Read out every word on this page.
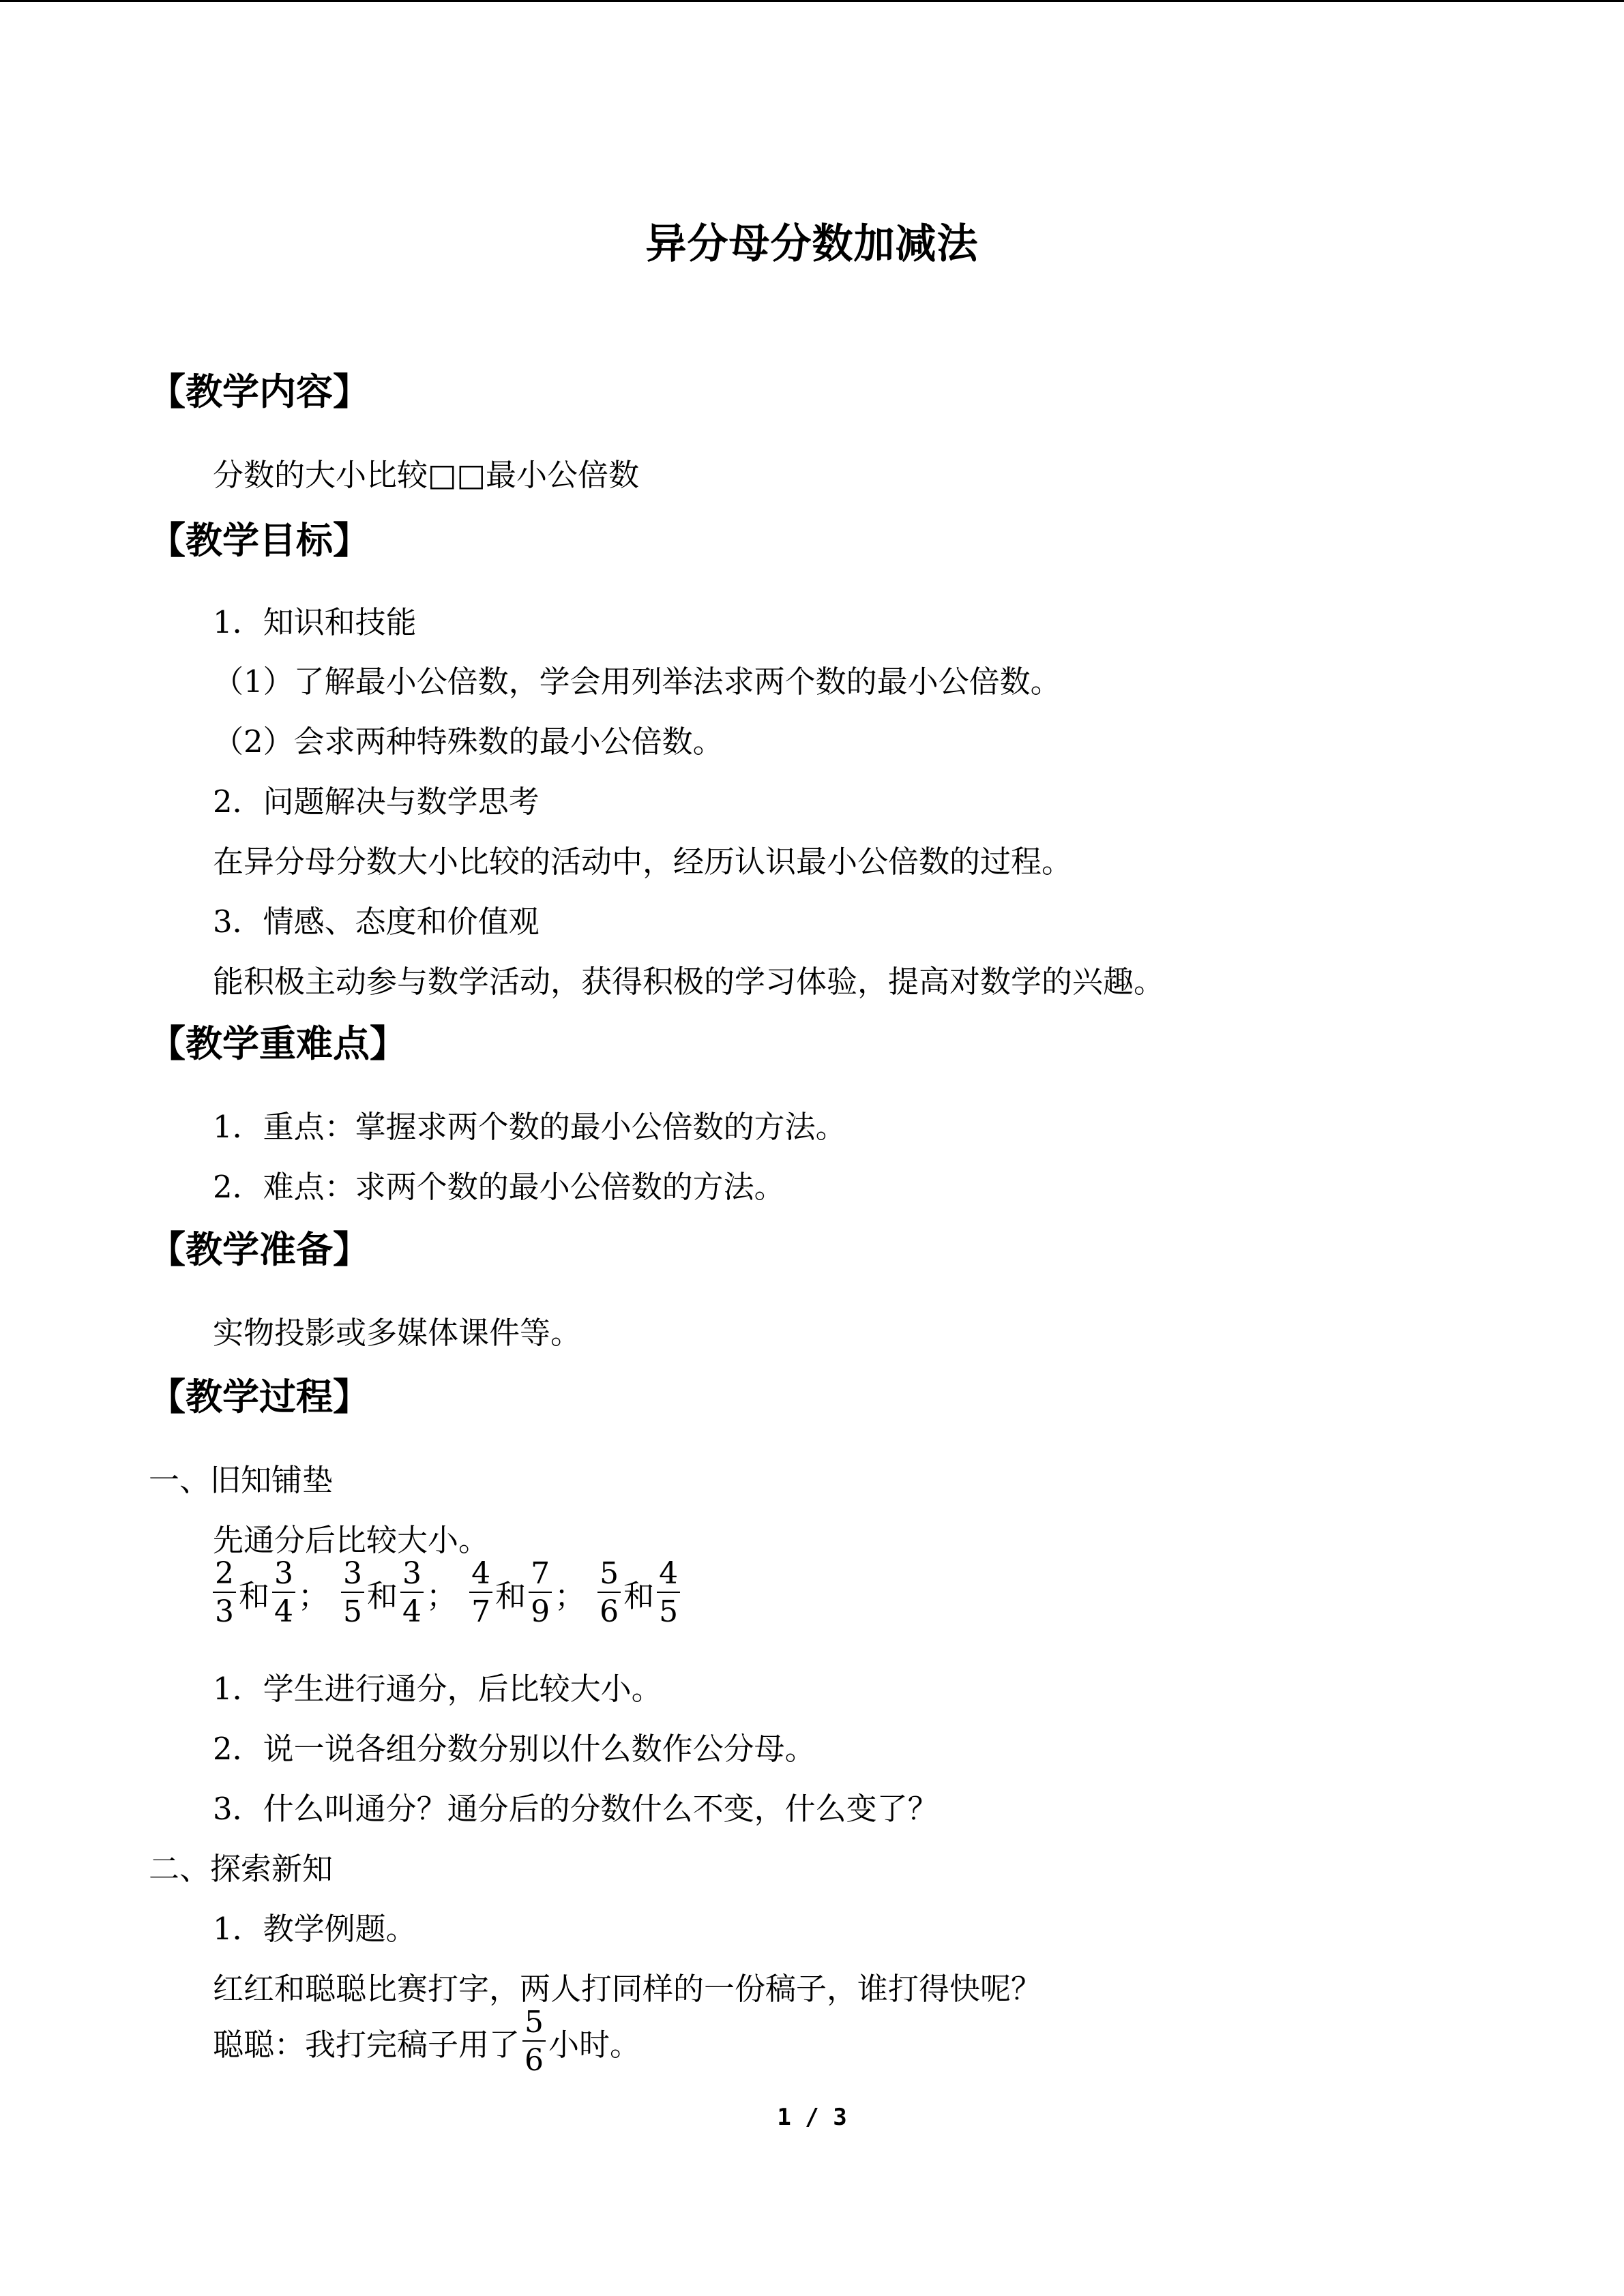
异分母分数加减法
【教学内容】
分数的大小比较□□最小公倍数
【教学目标】
1．知识和技能
（1）了解最小公倍数，学会用列举法求两个数的最小公倍数。
（2）会求两种特殊数的最小公倍数。
2．问题解决与数学思考
在异分母分数大小比较的活动中，经历认识最小公倍数的过程。
3．情感、态度和价值观
能积极主动参与数学活动，获得积极的学习体验，提高对数学的兴趣。
【教学重难点】
1．重点：掌握求两个数的最小公倍数的方法。
2．难点：求两个数的最小公倍数的方法。
【教学准备】
实物投影或多媒体课件等。
【教学过程】
一、旧知铺垫
先通分后比较大小。
$\frac{2}{3}$ 和 $\frac{3}{4}$ ； $\frac{3}{5}$ 和 $\frac{3}{4}$ ； $\frac{4}{7}$ 和 $\frac{7}{9}$ ； $\frac{5}{6}$ 和 $\frac{4}{5}$
1．学生进行通分，后比较大小。
2．说一说各组分数分别以什么数作公分母。
3．什么叫通分？通分后的分数什么不变，什么变了？
二、探索新知
1．教学例题。
红红和聪聪比赛打字，两人打同样的一份稿子，谁打得快呢？
聪聪：我打完稿子用了 $\frac{5}{6}$ 小时。
1 / 3
